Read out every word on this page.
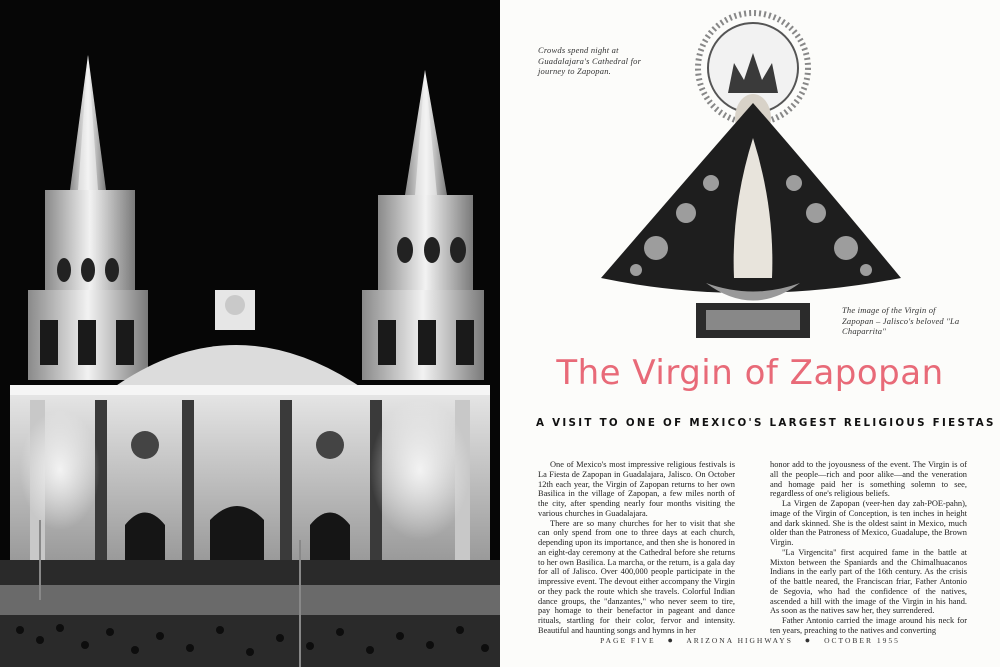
Crowds spend night at Guadalajara's Cathedral for journey to Zapopan.
The image of the Virgin of Zapopan – Jalisco's beloved "La Chaparrita"
The Virgin of Zapopan
A VISIT TO ONE OF MEXICO'S LARGEST RELIGIOUS FIESTAS

One of Mexico's most impressive religious festivals is La Fiesta de Zapopan in Guadalajara, Jalisco. On October 12th each year, the Virgin of Zapopan returns to her own Basilica in the village of Zapopan, a few miles north of the city, after spending nearly four months visiting the various churches in Guadalajara.

There are so many churches for her to visit that she can only spend from one to three days at each church, depending upon its importance, and then she is honored in an eight-day ceremony at the Cathedral before she returns to her own Basilica. La marcha, or the return, is a gala day for all of Jalisco. Over 400,000 people participate in the impressive event. The devout either accompany the Virgin or they pack the route which she travels. Colorful Indian dance groups, the "danzantes," who never seem to tire, pay homage to their benefactor in pageant and dance rituals, startling for their color, fervor and intensity. Beautiful and haunting songs and hymns in her

honor add to the joyousness of the event. The Virgin is of all the people—rich and poor alike—and the veneration and homage paid her is something solemn to see, regardless of one's religious beliefs.

La Virgen de Zapopan (veer-hen day zah-POE-pahn), image of the Virgin of Conception, is ten inches in height and dark skinned. She is the oldest saint in Mexico, much older than the Patroness of Mexico, Guadalupe, the Brown Virgin.

"La Virgencita" first acquired fame in the battle at Mixton between the Spaniards and the Chimalhuacanos Indians in the early part of the 16th century. As the crisis of the battle neared, the Franciscan friar, Father Antonio de Segovia, who had the confidence of the natives, ascended a hill with the image of the Virgin in his hand. As soon as the natives saw her, they surrendered.

Father Antonio carried the image around his neck for ten years, preaching to the natives and converting

PAGE FIVE ● ARIZONA HIGHWAYS ● OCTOBER 1955
